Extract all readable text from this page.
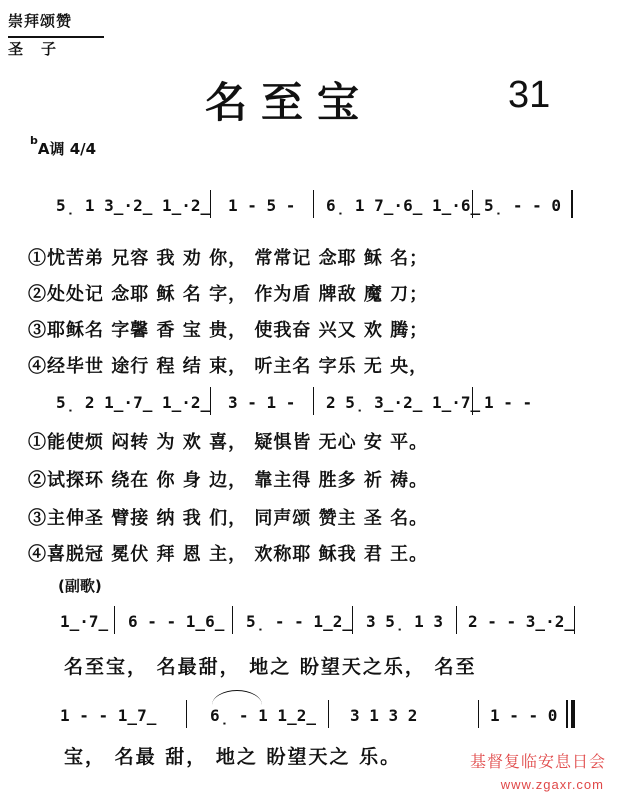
崇拜颂赞
圣子
名至宝	31
$^b$A调 4/4
5̣ 1 3̲·2̲ 1̲·2̲ 1 - 5 - 6̣ 1 7̲·6̲ 1̲·6̲ 5̣ - - 0
①忧苦弟 兄容 我 劝 你， 常常记 念耶 稣 名；
②处处记 念耶 稣 名 字， 作为盾 牌敌 魔 刀；
③耶稣名 字馨 香 宝 贵， 使我奋 兴又 欢 腾；
④经毕世 途行 程 结 束， 听主名 字乐 无 央，
5̣ 2 1̲·7̲ 1̲·2̲ 3 - 1 - 2 5̣ 3̲·2̲ 1̲·7̲ 1 - -
①能使烦 闷转 为 欢 喜， 疑惧皆 无心 安 平。
②试探环 绕在 你 身 边， 靠主得 胜多 祈 祷。
③主伸圣 臂接 纳 我 们， 同声颂 赞主 圣 名。
④喜脱冠 冕伏 拜 恩 主， 欢称耶 稣我 君 王。
(副歌)
1̲·7̲ 6 - - 1̲6̲ 5̣ - - 1̲2̲ 3 5̣ 1 3 2 - - 3̲·2̲
名至宝， 名最甜， 地之 盼望天之乐， 名至
1 - - 1̲7̲	6̣ - 1 1̲2̲ 3 1 3 2	1 - - 0
宝， 名最 甜， 地之 盼望天之 乐。	基督复临安息日会
www.zgaxr.com
